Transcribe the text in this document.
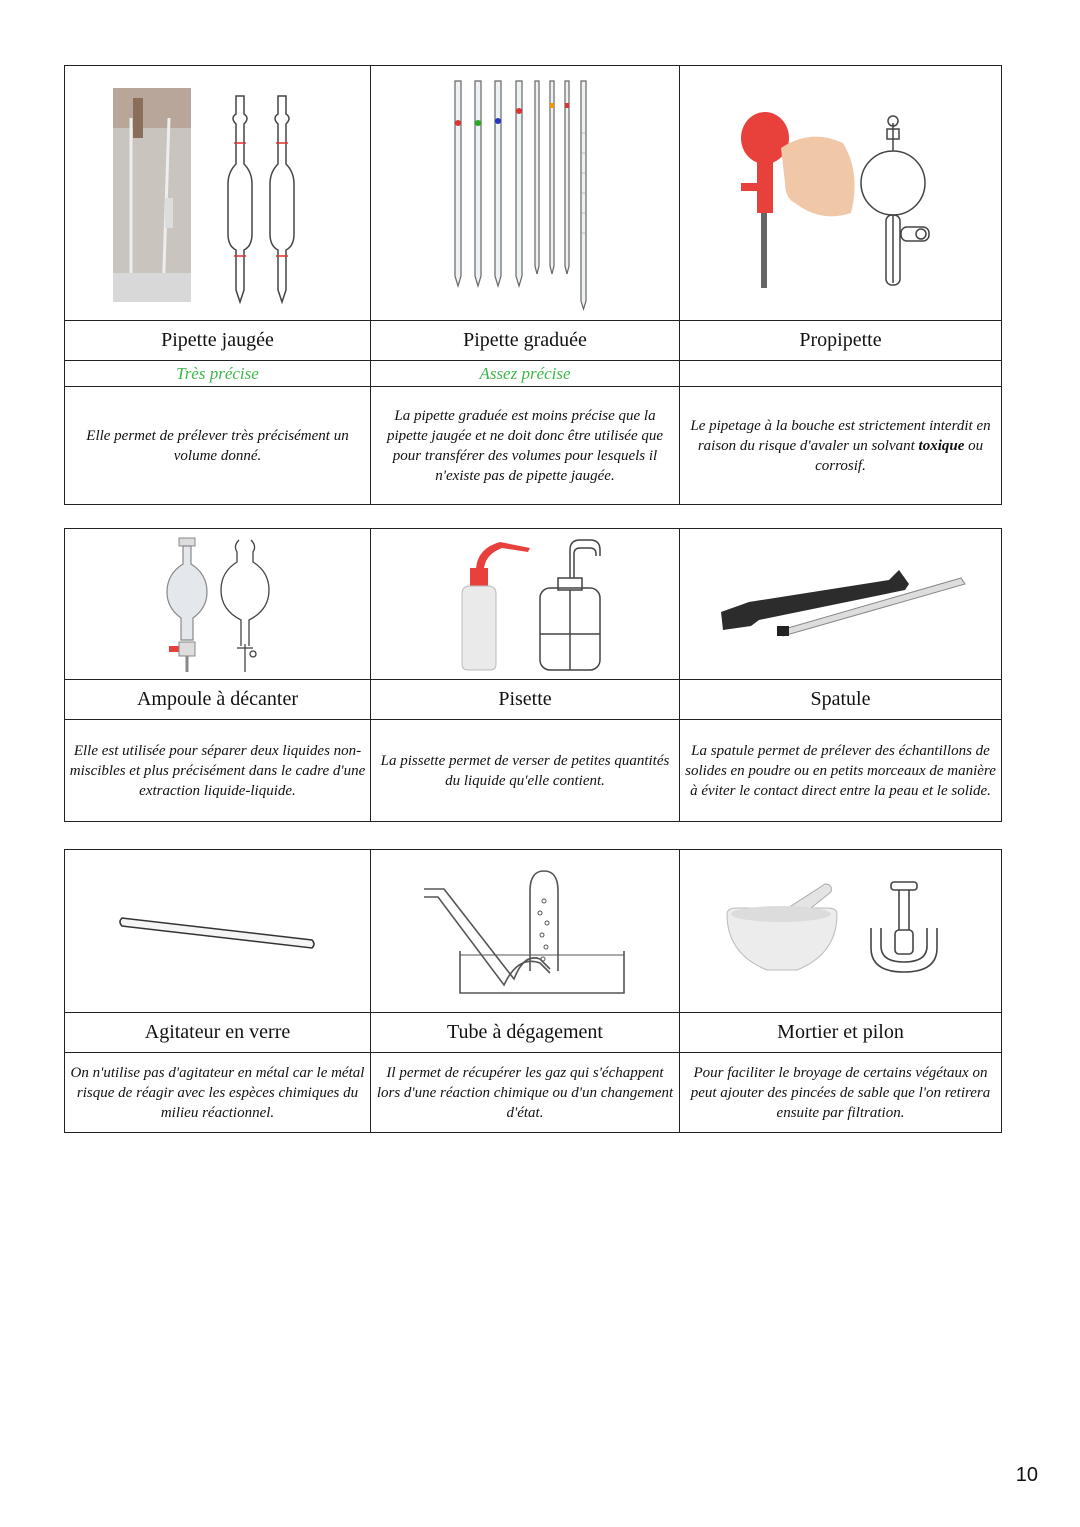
Pipette jaugée	Pipette graduée	Propipette
Très précise	Assez précise	
Elle permet de prélever très précisément un volume donné.	La pipette graduée est moins précise que la pipette jaugée et ne doit donc être utilisée que pour transférer des volumes pour lesquels il n'existe pas de pipette jaugée.	Le pipetage à la bouche est strictement interdit en raison du risque d'avaler un solvant toxique ou corrosif.

Ampoule à décanter	Pisette	Spatule
Elle est utilisée pour séparer deux liquides non-miscibles et plus précisément dans le cadre d'une extraction liquide-liquide.	La pissette permet de verser de petites quantités du liquide qu'elle contient.	La spatule permet de prélever des échantillons de solides en poudre ou en petits morceaux de manière à éviter le contact direct entre la peau et le solide.

Agitateur en verre	Tube à dégagement	Mortier et pilon
On n'utilise pas d'agitateur en métal car le métal risque de réagir avec les espèces chimiques du milieu réactionnel.	Il permet de récupérer les gaz qui s'échappent lors d'une réaction chimique ou d'un changement d'état.	Pour faciliter le broyage de certains végétaux on peut ajouter des pincées de sable que l'on retirera ensuite par filtration.
10
